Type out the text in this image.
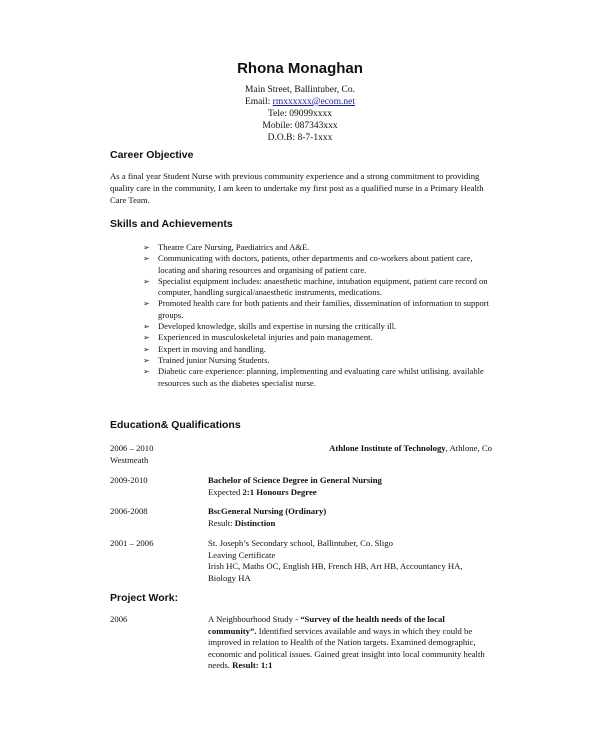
Rhona Monaghan
Main Street, Ballintuber, Co.
Email: rmxxxxxx@ecom.net
Tele: 09099xxxx
Mobile: 087343xxx
D.O.B: 8-7-1xxx
Career Objective
As a final year Student Nurse with previous community experience and a strong commitment to providing quality care in the community, I am keen to undertake my first post as a qualified nurse in a Primary Health Care Team.
Skills and Achievements
➢ Theatre Care Nursing, Paediatrics and A&E.
➢ Communicating with doctors, patients, other departments and co-workers about patient care, locating and sharing resources and organising of patient care.
➢ Specialist equipment includes: anaesthetic machine, intubation equipment, patient care record on computer, handling surgical/anaesthetic instruments, medications.
➢ Promoted health care for both patients and their families, dissemination of information to support groups.
➢ Developed knowledge, skills and expertise in nursing the critically ill.
➢ Experienced in musculoskeletal injuries and pain management.
➢ Expert in moving and handling.
➢ Trained junior Nursing Students.
➢ Diabetic care experience: planning, implementing and evaluating care whilst utilising. available resources such as the diabetes specialist nurse.
Education& Qualifications
2006 – 2010	Athlone Institute of Technology, Athlone, Co
Westmeath
2009-2010	Bachelor of Science Degree in General Nursing
Expected 2:1 Honours Degree
2006-2008	BscGeneral Nursing (Ordinary)
Result: Distinction
2001 – 2006	St. Joseph’s Secondary school, Ballintuber, Co. Sligo
Leaving Certificate
Irish HC, Maths OC, English HB, French HB, Art HB, Accountancy HA,
Biology HA
Project Work:
2006	A Neighbourhood Study - “Survey of the health needs of the local community”. Identified services available and ways in which they could be improved in relation to Health of the Nation targets. Examined demographic, economic and political issues. Gained great insight into local community health needs. Result: 1:1
